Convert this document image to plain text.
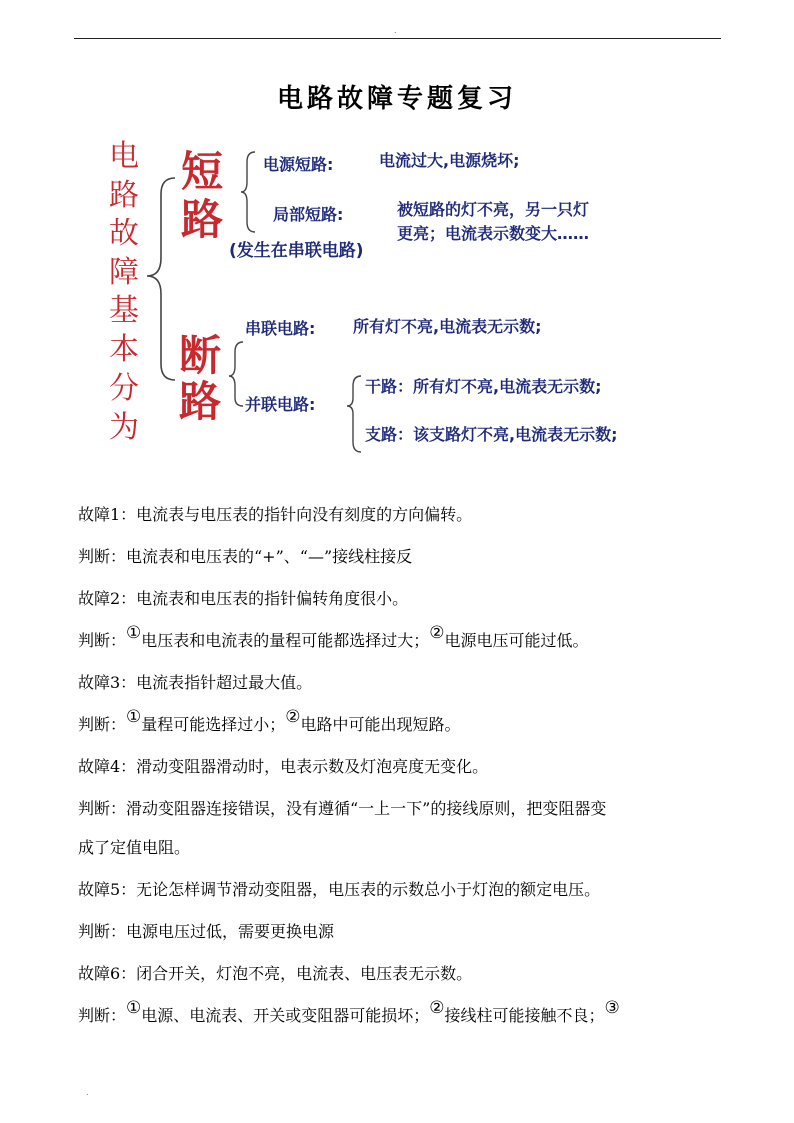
.
电路故障专题复习
电
路
故
障
基
本
分
为
短
路
(发生在串联电路)
电源短路:	电流过大,电源烧坏;
局部短路:	被短路的灯不亮，另一只灯
更亮；电流表示数变大……
断
路
串联电路: 所有灯不亮,电流表无示数;
并联电路:
干路：所有灯不亮,电流表无示数;
支路：该支路灯不亮,电流表无示数;
故障1：电流表与电压表的指针向没有刻度的方向偏转。
判断：电流表和电压表的“+”、“—”接线柱接反
故障2：电流表和电压表的指针偏转角度很小。
判断：①电压表和电流表的量程可能都选择过大；②电源电压可能过低。
故障3：电流表指针超过最大值。
判断：①量程可能选择过小；②电路中可能出现短路。
故障4：滑动变阻器滑动时，电表示数及灯泡亮度无变化。
判断：滑动变阻器连接错误，没有遵循“一上一下”的接线原则，把变阻器变
成了定值电阻。
故障5：无论怎样调节滑动变阻器，电压表的示数总小于灯泡的额定电压。
判断：电源电压过低，需要更换电源
故障6：闭合开关，灯泡不亮，电流表、电压表无示数。
判断：①电源、电流表、开关或变阻器可能损坏；②接线柱可能接触不良；③
.
